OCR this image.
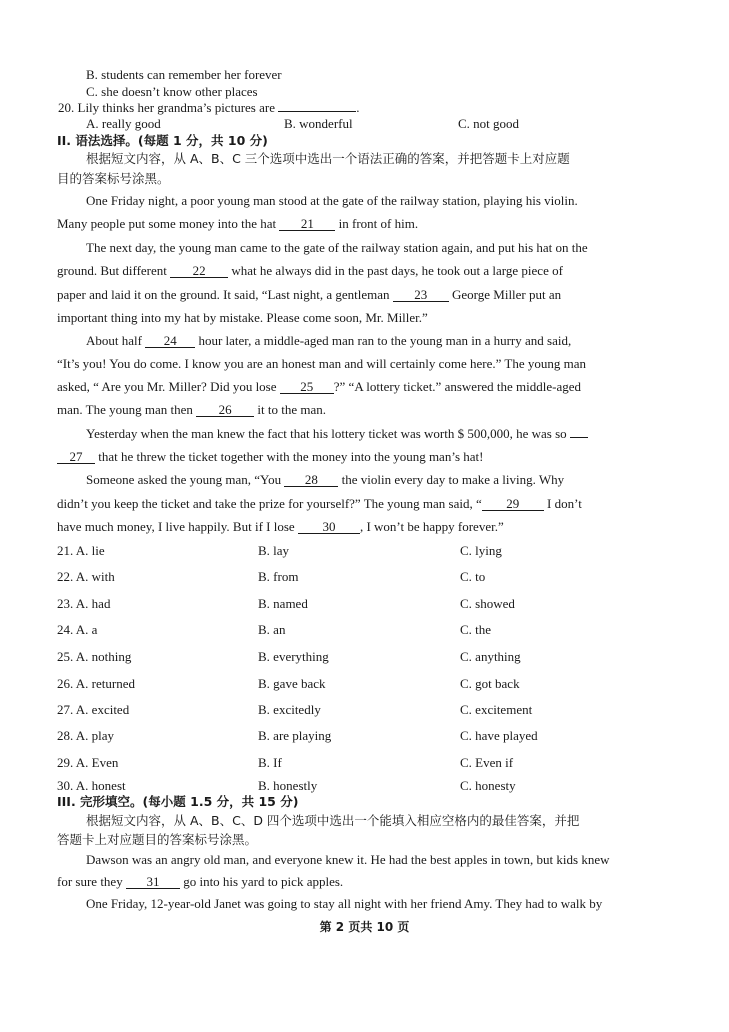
B. students can remember her forever
C. she doesn’t know other places
20. Lily thinks her grandma’s pictures are	.
A. really good	B. wonderful	C. not good
II. 语法选择。(每题 1 分，共 10 分)
根据短文内容，从 A、B、C 三个选项中选出一个语法正确的答案，并把答题卡上对应题
目的答案标号涂黑。
One Friday night, a poor young man stood at the gate of the railway station, playing his violin.
Many people put some money into the hat 21 in front of him.
The next day, the young man came to the gate of the railway station again, and put his hat on the
ground. But different 22 what he always did in the past days, he took out a large piece of
paper and laid it on the ground. It said, “Last night, a gentleman 23 George Miller put an
important thing into my hat by mistake. Please come soon, Mr. Miller.”
About half 24 hour later, a middle-aged man ran to the young man in a hurry and said,
“It’s you! You do come. I know you are an honest man and will certainly come here.” The young man
asked, “ Are you Mr. Miller? Did you lose 25 ?” “A lottery ticket.” answered the middle-aged
man. The young man then 26 it to the man.
Yesterday when the man knew the fact that his lottery ticket was worth $ 500,000, he was so
27 that he threw the ticket together with the money into the young man’s hat!
Someone asked the young man, “You 28 the violin every day to make a living. Why
didn’t you keep the ticket and take the prize for yourself?” The young man said, “ 29 I don’t
have much money, I live happily. But if I lose 30 , I won’t be happy forever.”
21. A. lie	B. lay	C. lying
22. A. with	B. from	C. to
23. A. had	B. named	C. showed
24. A. a	B. an	C. the
25. A. nothing	B. everything	C. anything
26. A. returned	B. gave back	C. got back
27. A. excited	B. excitedly	C. excitement
28. A. play	B. are playing	C. have played
29. A. Even	B. If	C. Even if
30. A. honest	B. honestly	C. honesty
III. 完形填空。(每小题 1.5 分，共 15 分)
根据短文内容，从 A、B、C、D 四个选项中选出一个能填入相应空格内的最佳答案，并把
答题卡上对应题目的答案标号涂黑。
Dawson was an angry old man, and everyone knew it. He had the best apples in town, but kids knew
for sure they 31 go into his yard to pick apples.
One Friday, 12-year-old Janet was going to stay all night with her friend Amy. They had to walk by
第 2 页共 10 页
